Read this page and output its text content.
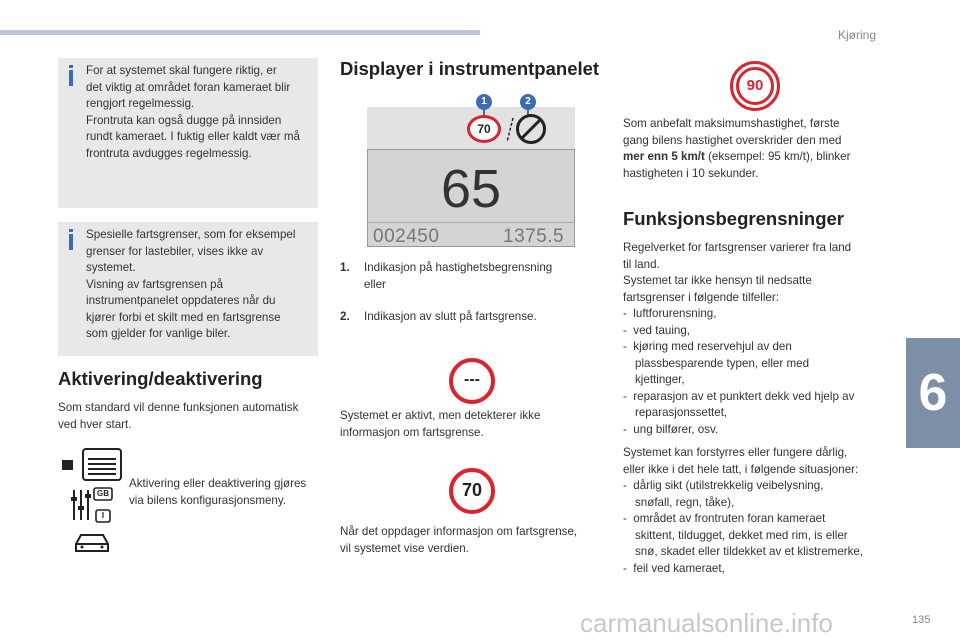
Kjøring
6
For at systemet skal fungere riktig, er
det viktig at området foran kameraet blir
rengjort regelmessig.
Frontruta kan også dugge på innsiden
rundt kameraet. I fuktig eller kaldt vær må
frontruta avdugges regelmessig.
Spesielle fartsgrenser, som for eksempel
grenser for lastebiler, vises ikke av
systemet.
Visning av fartsgrensen på
instrumentpanelet oppdateres når du
kjører forbi et skilt med en fartsgrense
som gjelder for vanlige biler.
Aktivering/deaktivering
Som standard vil denne funksjonen automatisk
ved hver start.
GB
I
Aktivering eller deaktivering gjøres
via bilens konfigurasjonsmeny.
Displayer i instrumentpanelet
1	2
70
65
002450	1375.5
1.	Indikasjon på hastighetsbegrensning
eller
2.	Indikasjon av slutt på fartsgrense.
---
Systemet er aktivt, men detekterer ikke
informasjon om fartsgrense.
70
Når det oppdager informasjon om fartsgrense,
vil systemet vise verdien.
90
Som anbefalt maksimumshastighet, første
gang bilens hastighet overskrider den med
mer enn 5 km/t (eksempel: 95 km/t), blinker
hastigheten i 10 sekunder.
Funksjonsbegrensninger
Regelverket for fartsgrenser varierer fra land
til land.
Systemet tar ikke hensyn til nedsatte
fartsgrenser i følgende tilfeller:
-  luftforurensning,
-  ved tauing,
-  kjøring med reservehjul av den
plassbesparende typen, eller med
kjettinger,
-  reparasjon av et punktert dekk ved hjelp av
reparasjonssettet,
-  ung bilfører, osv.
Systemet kan forstyrres eller fungere dårlig,
eller ikke i det hele tatt, i følgende situasjoner:
-  dårlig sikt (utilstrekkelig veibelysning,
snøfall, regn, tåke),
-  området av frontruten foran kameraet
skittent, tildugget, dekket med rim, is eller
snø, skadet eller tildekket av et klistremerke,
-  feil ved kameraet,
carmanualsonline.info	135
